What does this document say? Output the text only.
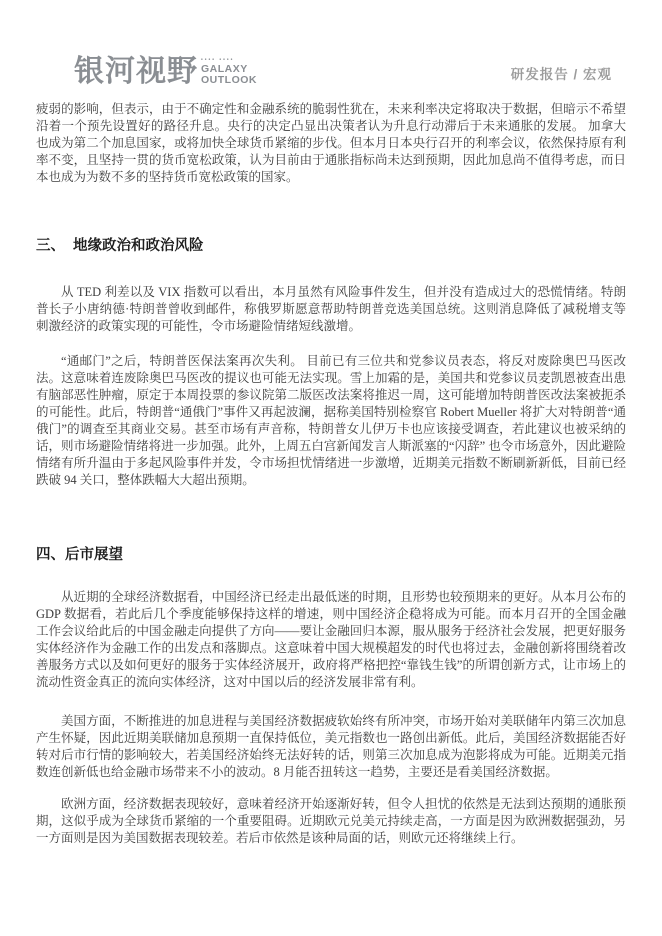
银河视野 •••• ••••
GALAXY
OUTLOOK	研发报告 / 宏观

疲弱的影响，但表示，由于不确定性和金融系统的脆弱性犹在，未来利率决定将取决于数据，但暗示不希望沿着一个预先设置好的路径升息。央行的决定凸显出决策者认为升息行动滞后于未来通胀的发展。 加拿大也成为第二个加息国家，或将加快全球货币紧缩的步伐。但本月日本央行召开的利率会议，依然保持原有利率不变，且坚持一贯的货币宽松政策，认为目前由于通胀指标尚未达到预期，因此加息尚不值得考虑，而日本也成为为数不多的坚持货币宽松政策的国家。

三、  地缘政治和政治风险

从 TED 利差以及 VIX 指数可以看出，本月虽然有风险事件发生，但并没有造成过大的恐慌情绪。特朗普长子小唐纳德·特朗普曾收到邮件，称俄罗斯愿意帮助特朗普竞选美国总统。这则消息降低了减税增支等刺激经济的政策实现的可能性，令市场避险情绪短线激增。

“通邮门”之后，特朗普医保法案再次失利。 目前已有三位共和党参议员表态，将反对废除奥巴马医改法。这意味着连废除奥巴马医改的提议也可能无法实现。雪上加霜的是，美国共和党参议员麦凯恩被查出患有脑部恶性肿瘤，原定于本周投票的参议院第二版医改法案将推迟一周，这可能增加特朗普医改法案被扼杀的可能性。此后，特朗普“通俄门”事件又再起波澜，据称美国特别检察官 Robert Mueller 将扩大对特朗普“通俄门”的调查至其商业交易。甚至市场有声音称，特朗普女儿伊万卡也应该接受调查，若此建议也被采纳的话，则市场避险情绪将进一步加强。此外，上周五白宫新闻发言人斯派塞的“闪辞” 也令市场意外，因此避险情绪有所升温由于多起风险事件并发，令市场担忧情绪进一步激增，近期美元指数不断刷新新低，目前已经跌破 94 关口，整体跌幅大大超出预期。

四、后市展望

从近期的全球经济数据看，中国经济已经走出最低迷的时期，且形势也较预期来的更好。从本月公布的 GDP 数据看，若此后几个季度能够保持这样的增速，则中国经济企稳将成为可能。而本月召开的全国金融工作会议给此后的中国金融走向提供了方向——要让金融回归本源，服从服务于经济社会发展，把更好服务实体经济作为金融工作的出发点和落脚点。这意味着中国大规模超发的时代也将过去，金融创新将围绕着改善服务方式以及如何更好的服务于实体经济展开，政府将严格把控“靠钱生钱”的所谓创新方式，让市场上的流动性资金真正的流向实体经济，这对中国以后的经济发展非常有利。

美国方面，不断推进的加息进程与美国经济数据疲软始终有所冲突，市场开始对美联储年内第三次加息产生怀疑，因此近期美联储加息预期一直保持低位，美元指数也一路创出新低。此后，美国经济数据能否好转对后市行情的影响较大，若美国经济始终无法好转的话，则第三次加息成为泡影将成为可能。近期美元指数连创新低也给金融市场带来不小的波动。8 月能否扭转这一趋势，主要还是看美国经济数据。

欧洲方面，经济数据表现较好，意味着经济开始逐渐好转，但令人担忧的依然是无法到达预期的通胀预期，这似乎成为全球货币紧缩的一个重要阻碍。近期欧元兑美元持续走高，一方面是因为欧洲数据强劲，另一方面则是因为美国数据表现较差。若后市依然是该种局面的话，则欧元还将继续上行。
